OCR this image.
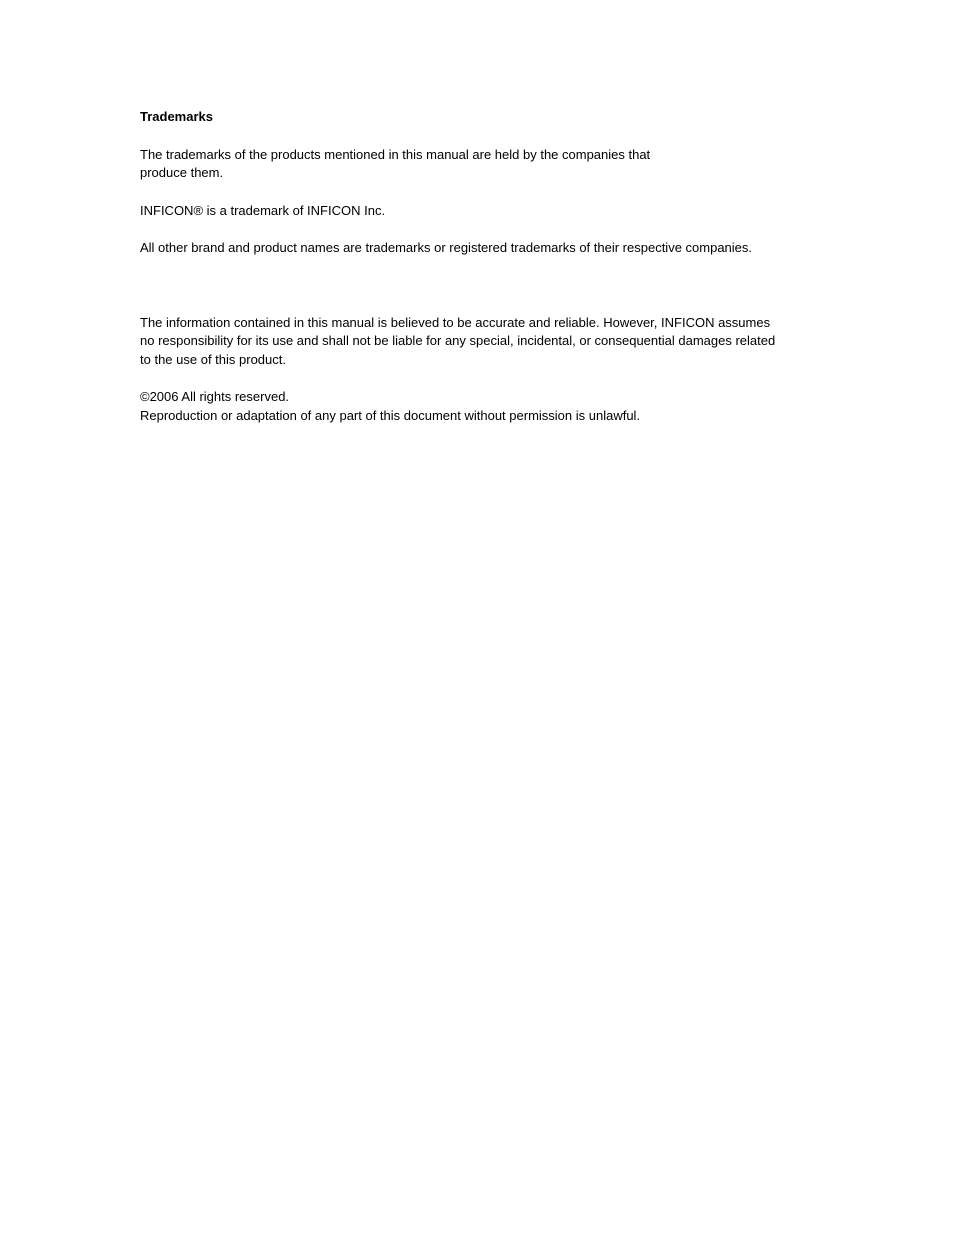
Trademarks
The trademarks of the products mentioned in this manual are held by the companies that
produce them.
INFICON® is a trademark of INFICON Inc.
All other brand and product names are trademarks or registered trademarks of their respective companies.
The information contained in this manual is believed to be accurate and reliable. However, INFICON assumes
no responsibility for its use and shall not be liable for any special, incidental, or consequential damages related
to the use of this product.
©2006 All rights reserved.
Reproduction or adaptation of any part of this document without permission is unlawful.
